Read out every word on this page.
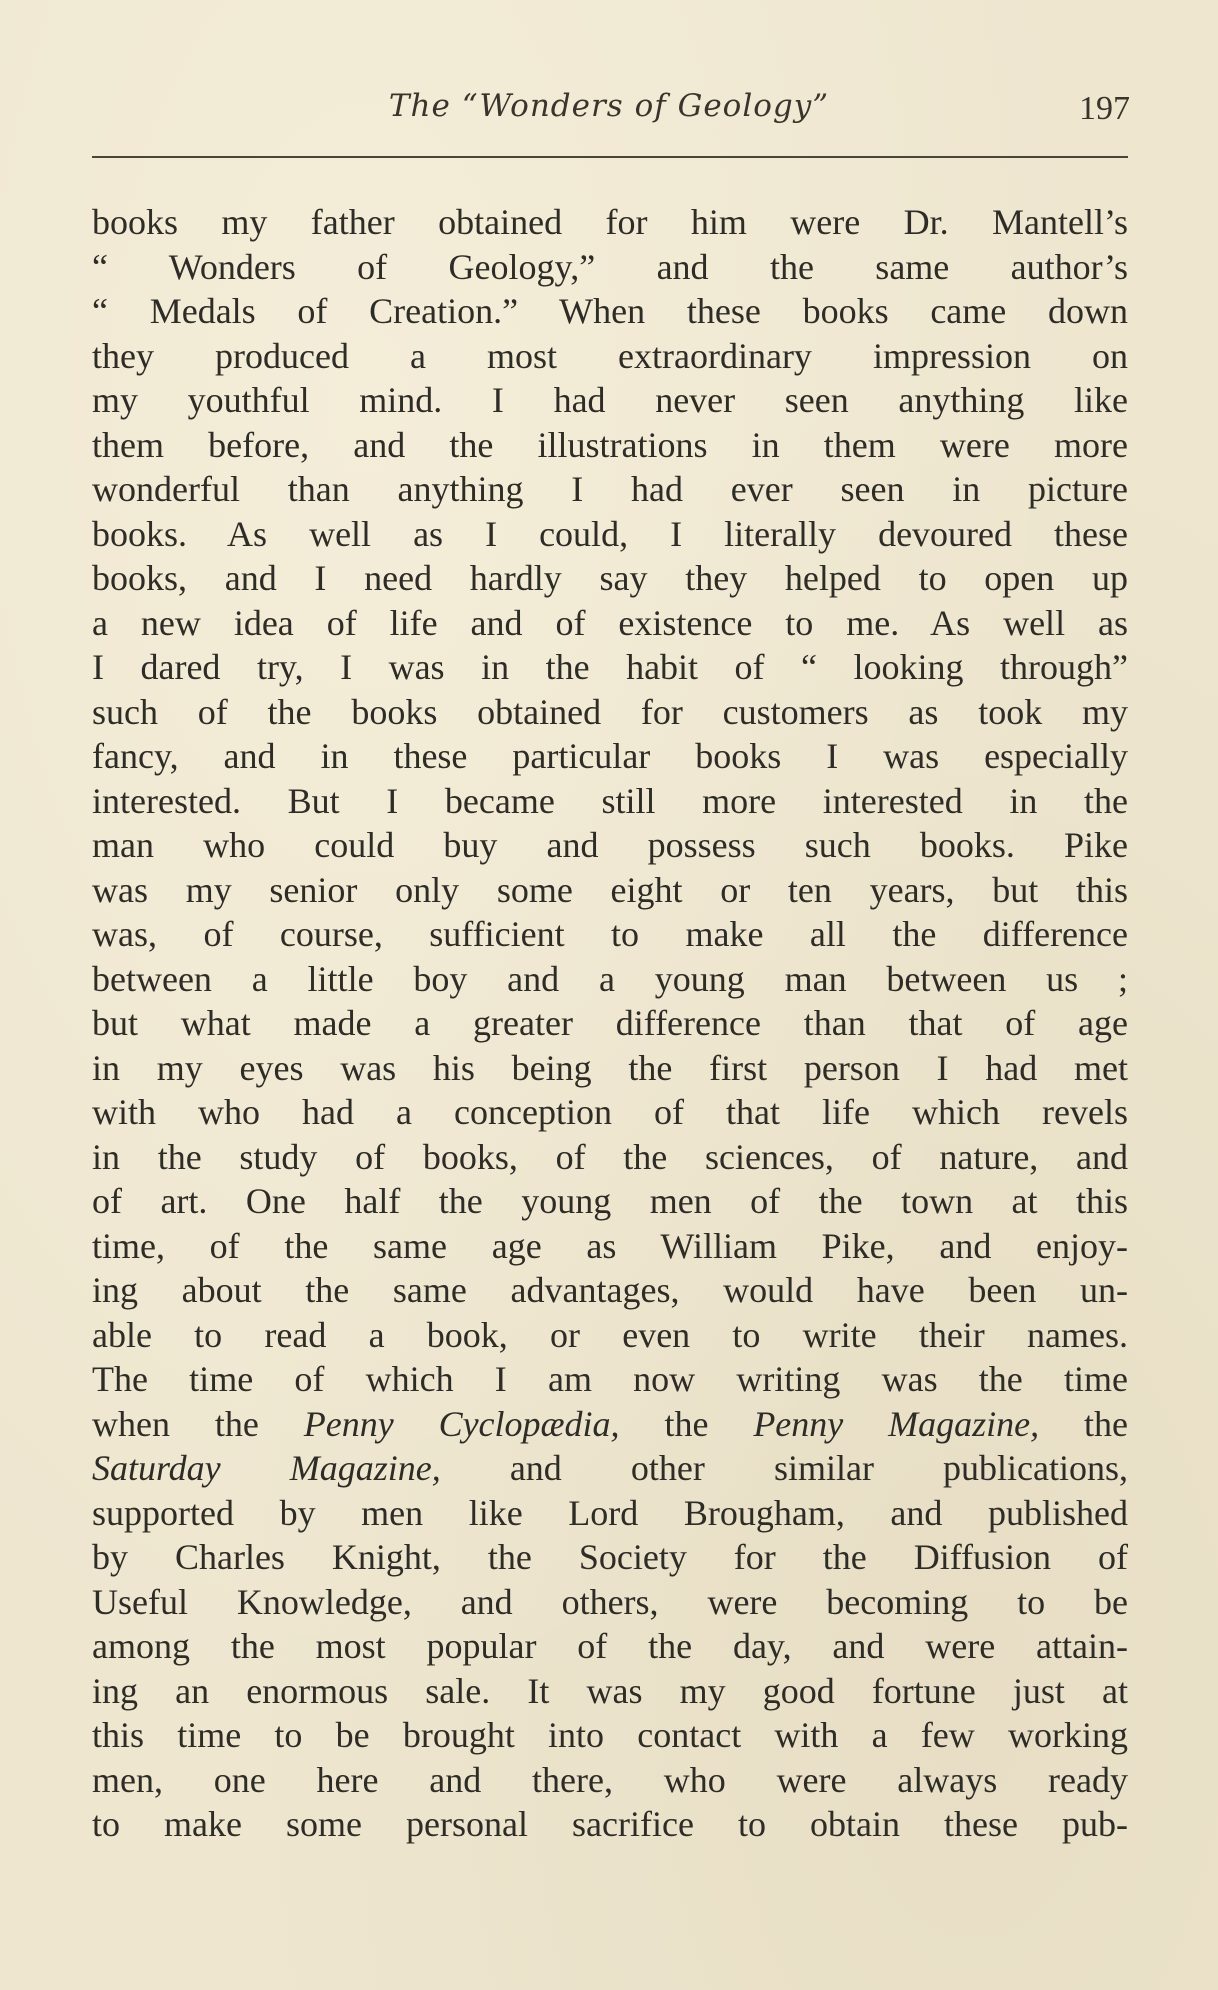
The “Wonders of Geology”	197
books my father obtained for him were Dr. Mantell’s
“ Wonders of Geology,” and the same author’s
“ Medals of Creation.” When these books came down
they produced a most extraordinary impression on
my youthful mind. I had never seen anything like
them before, and the illustrations in them were more
wonderful than anything I had ever seen in picture
books. As well as I could, I literally devoured these
books, and I need hardly say they helped to open up
a new idea of life and of existence to me. As well as
I dared try, I was in the habit of “ looking through”
such of the books obtained for customers as took my
fancy, and in these particular books I was especially
interested. But I became still more interested in the
man who could buy and possess such books. Pike
was my senior only some eight or ten years, but this
was, of course, sufficient to make all the difference
between a little boy and a young man between us ;
but what made a greater difference than that of age
in my eyes was his being the first person I had met
with who had a conception of that life which revels
in the study of books, of the sciences, of nature, and
of art. One half the young men of the town at this
time, of the same age as William Pike, and enjoy-
ing about the same advantages, would have been un-
able to read a book, or even to write their names.
The time of which I am now writing was the time
when the Penny Cyclopædia, the Penny Magazine, the
Saturday Magazine, and other similar publications,
supported by men like Lord Brougham, and published
by Charles Knight, the Society for the Diffusion of
Useful Knowledge, and others, were becoming to be
among the most popular of the day, and were attain-
ing an enormous sale. It was my good fortune just at
this time to be brought into contact with a few working
men, one here and there, who were always ready
to make some personal sacrifice to obtain these pub-
